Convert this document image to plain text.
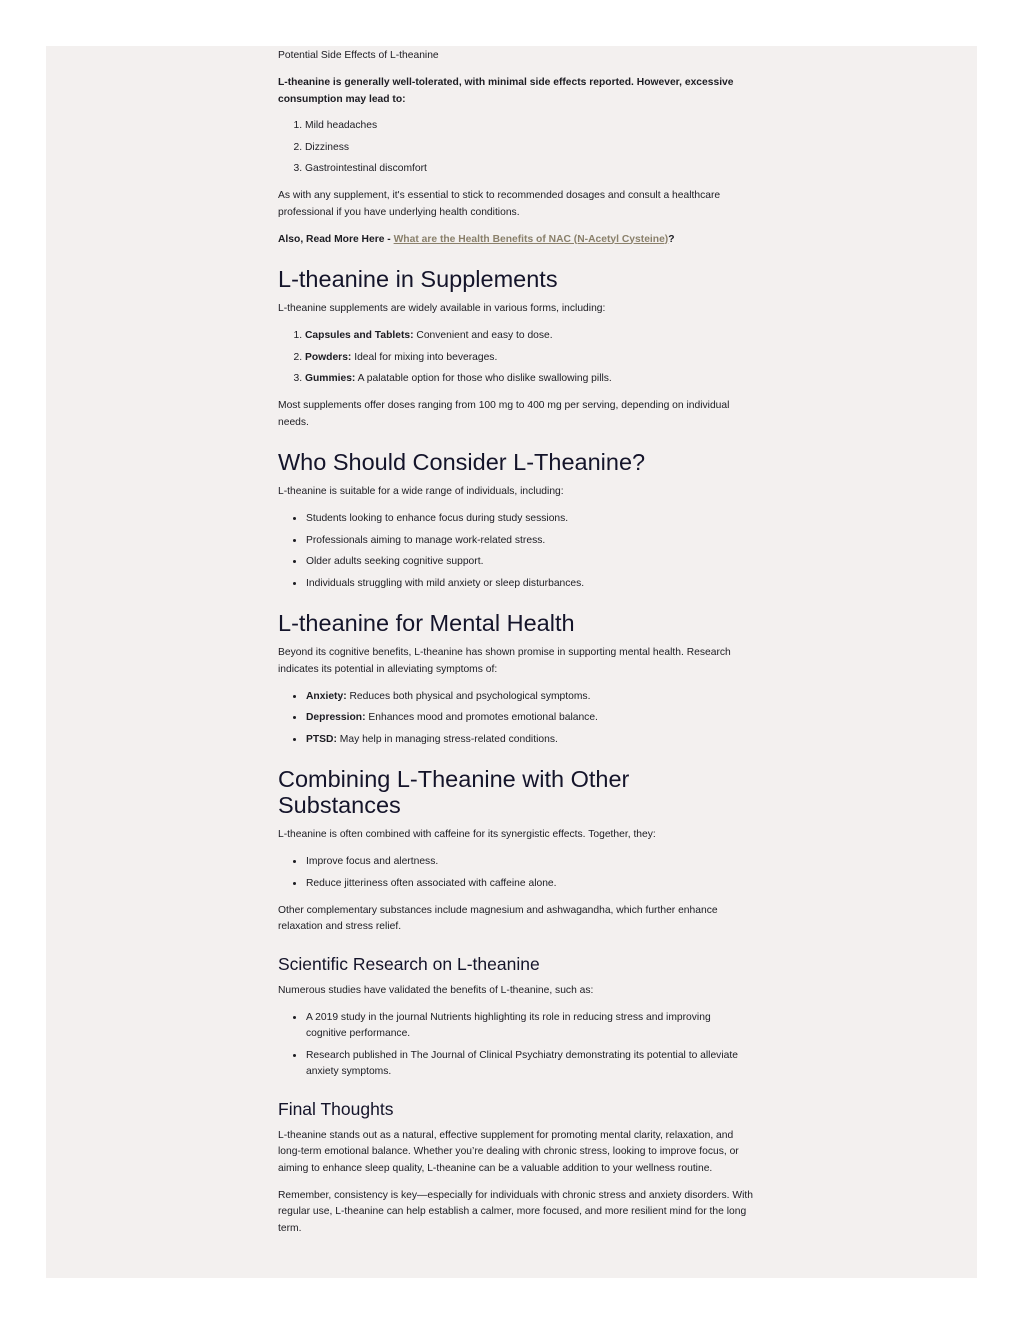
Potential Side Effects of L-theanine

L-theanine is generally well-tolerated, with minimal side effects reported. However, excessive consumption may lead to:

1. Mild headaches
2. Dizziness
3. Gastrointestinal discomfort

As with any supplement, it's essential to stick to recommended dosages and consult a healthcare professional if you have underlying health conditions.

Also, Read More Here - What are the Health Benefits of NAC (N-Acetyl Cysteine)?

L-theanine in Supplements

L-theanine supplements are widely available in various forms, including:

1. Capsules and Tablets: Convenient and easy to dose.
2. Powders: Ideal for mixing into beverages.
3. Gummies: A palatable option for those who dislike swallowing pills.

Most supplements offer doses ranging from 100 mg to 400 mg per serving, depending on individual needs.

Who Should Consider L-Theanine?

L-theanine is suitable for a wide range of individuals, including:

• Students looking to enhance focus during study sessions.
• Professionals aiming to manage work-related stress.
• Older adults seeking cognitive support.
• Individuals struggling with mild anxiety or sleep disturbances.
L-theanine for Mental Health

Beyond its cognitive benefits, L-theanine has shown promise in supporting mental health. Research indicates its potential in alleviating symptoms of:

• Anxiety: Reduces both physical and psychological symptoms.
• Depression: Enhances mood and promotes emotional balance.
• PTSD: May help in managing stress-related conditions.
Combining L-Theanine with Other Substances

L-theanine is often combined with caffeine for its synergistic effects. Together, they:

• Improve focus and alertness.
• Reduce jitteriness often associated with caffeine alone.

Other complementary substances include magnesium and ashwagandha, which further enhance relaxation and stress relief.

Scientific Research on L-theanine

Numerous studies have validated the benefits of L-theanine, such as:

• A 2019 study in the journal Nutrients highlighting its role in reducing stress and improving cognitive performance.
• Research published in The Journal of Clinical Psychiatry demonstrating its potential to alleviate anxiety symptoms.
Final Thoughts

L-theanine stands out as a natural, effective supplement for promoting mental clarity, relaxation, and long-term emotional balance. Whether you’re dealing with chronic stress, looking to improve focus, or aiming to enhance sleep quality, L-theanine can be a valuable addition to your wellness routine.

Remember, consistency is key—especially for individuals with chronic stress and anxiety disorders. With regular use, L-theanine can help establish a calmer, more focused, and more resilient mind for the long term.
